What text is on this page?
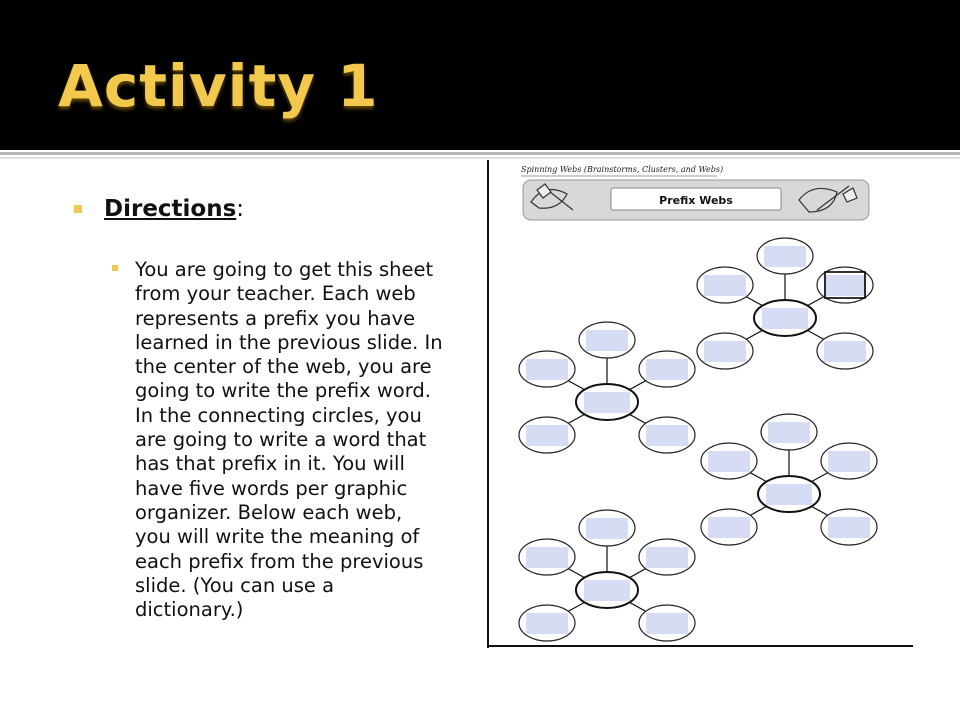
Activity 1
Directions:
You are going to get this sheet
from your teacher. Each web
represents a prefix you have
learned in the previous slide. In
the center of the web, you are
going to write the prefix word.
In the connecting circles, you
are going to write a word that
has that prefix in it. You will
have five words per graphic
organizer. Below each web,
you will write the meaning of
each prefix from the previous
slide. (You can use a
dictionary.)
Spinning Webs (Brainstorms, Clusters, and Webs)
Prefix Webs
